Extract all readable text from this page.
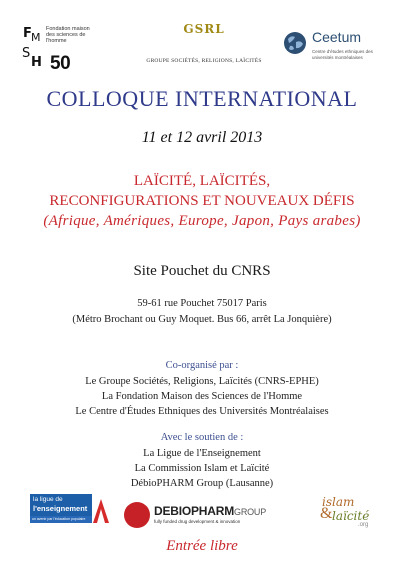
F M
S
H
Fondation maison des sciences de l'homme
50
GSRL
GROUPE SOCIÉTÉS, RELIGIONS, LAÏCITÉS
Ceetum
Centre d'études ethniques des universités montréalaises
COLLOQUE INTERNATIONAL
11 et 12 avril 2013
LAÏCITÉ, LAÏCITÉS,
RECONFIGURATIONS ET NOUVEAUX DÉFIS
(Afrique, Amériques, Europe, Japon, Pays arabes)
Site Pouchet du CNRS
59-61 rue Pouchet 75017 Paris
(Métro Brochant ou Guy Moquet. Bus 66, arrêt La Jonquière)
Co-organisé par :
Le Groupe Sociétés, Religions, Laïcités (CNRS-EPHE)
La Fondation Maison des Sciences de l'Homme
Le Centre d'Études Ethniques des Universités Montréalaises
Avec le soutien de :
La Ligue de l'Enseignement
La Commission Islam et Laïcité
DébioPHARM Group (Lausanne)
la ligue de
l'enseignement
un avenir par l'éducation populaire
DEBIOPHARMGROUP
fully funded drug development & innovation
islam
& laïcité
.org
Entrée libre
